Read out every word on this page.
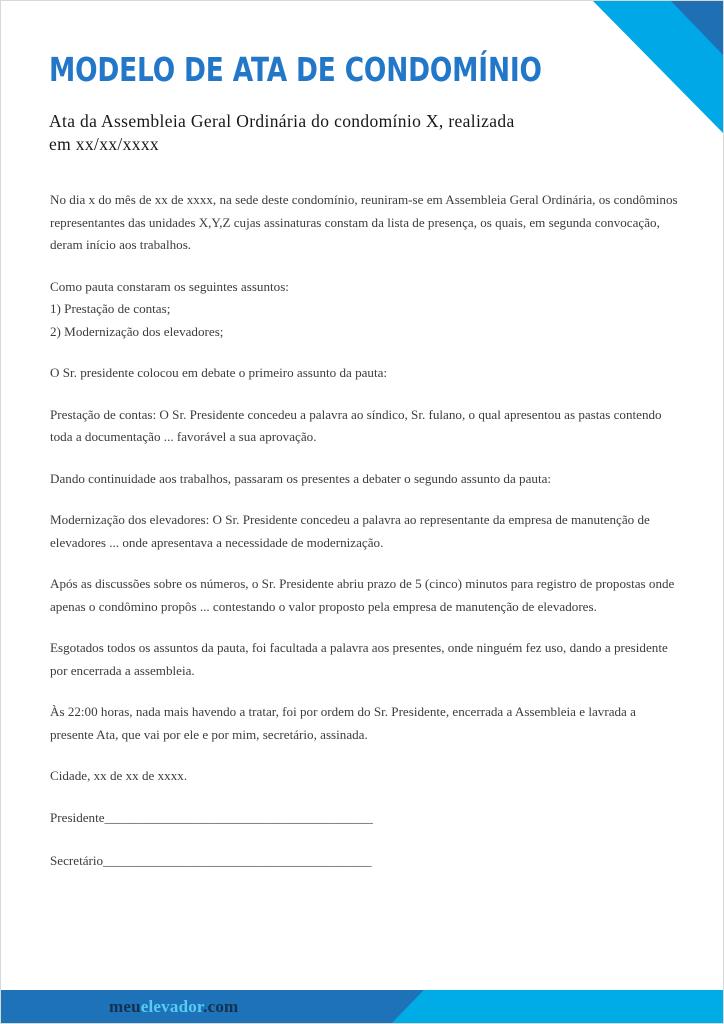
MODELO DE ATA DE CONDOMÍNIO
Ata da Assembleia Geral Ordinária do condomínio X, realizada em xx/xx/xxxx

No dia x do mês de xx de xxxx, na sede deste condomínio, reuniram-se em Assembleia Geral Ordinária, os condôminos representantes das unidades X,Y,Z cujas assinaturas constam da lista de presença, os quais, em segunda convocação, deram início aos trabalhos.

Como pauta constaram os seguintes assuntos:
1) Prestação de contas;
2) Modernização dos elevadores;

O Sr. presidente colocou em debate o primeiro assunto da pauta:

Prestação de contas: O Sr. Presidente concedeu a palavra ao síndico, Sr. fulano, o qual apresentou as pastas contendo toda a documentação ... favorável a sua aprovação.

Dando continuidade aos trabalhos, passaram os presentes a debater o segundo assunto da pauta:

Modernização dos elevadores: O Sr. Presidente concedeu a palavra ao representante da empresa de manutenção de elevadores ... onde apresentava a necessidade de modernização.

Após as discussões sobre os números, o Sr. Presidente abriu prazo de 5 (cinco) minutos para registro de propostas onde apenas o condômino propôs ... contestando o valor proposto pela empresa de manutenção de elevadores.

Esgotados todos os assuntos da pauta, foi facultada a palavra aos presentes, onde ninguém fez uso, dando a presidente por encerrada a assembleia.

Às 22:00 horas, nada mais havendo a tratar, foi por ordem do Sr. Presidente, encerrada a Assembleia e lavrada a presente Ata, que vai por ele e por mim, secretário, assinada.

Cidade, xx de xx de xxxx.

Presidente_________________________________________

Secretário_________________________________________

meuelevador.com
